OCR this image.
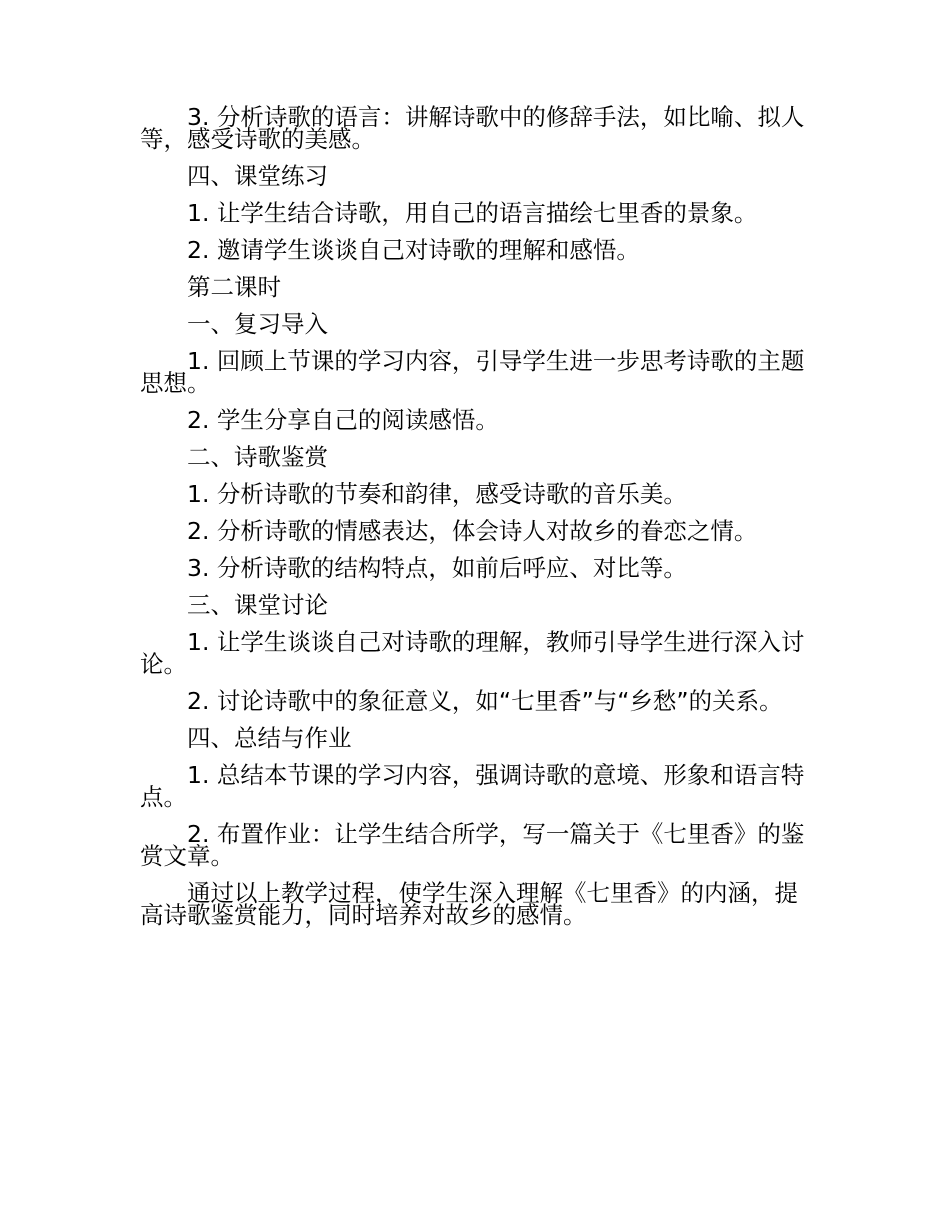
3. 分析诗歌的语言：讲解诗歌中的修辞手法，如比喻、拟人等，感受诗歌的美感。

四、课堂练习

1. 让学生结合诗歌，用自己的语言描绘七里香的景象。

2. 邀请学生谈谈自己对诗歌的理解和感悟。

第二课时

一、复习导入

1. 回顾上节课的学习内容，引导学生进一步思考诗歌的主题思想。

2. 学生分享自己的阅读感悟。

二、诗歌鉴赏

1. 分析诗歌的节奏和韵律，感受诗歌的音乐美。

2. 分析诗歌的情感表达，体会诗人对故乡的眷恋之情。

3. 分析诗歌的结构特点，如前后呼应、对比等。

三、课堂讨论

1. 让学生谈谈自己对诗歌的理解，教师引导学生进行深入讨论。

2. 讨论诗歌中的象征意义，如“七里香”与“乡愁”的关系。

四、总结与作业

1. 总结本节课的学习内容，强调诗歌的意境、形象和语言特点。

2. 布置作业：让学生结合所学，写一篇关于《七里香》的鉴赏文章。

通过以上教学过程，使学生深入理解《七里香》的内涵，提高诗歌鉴赏能力，同时培养对故乡的感情。
